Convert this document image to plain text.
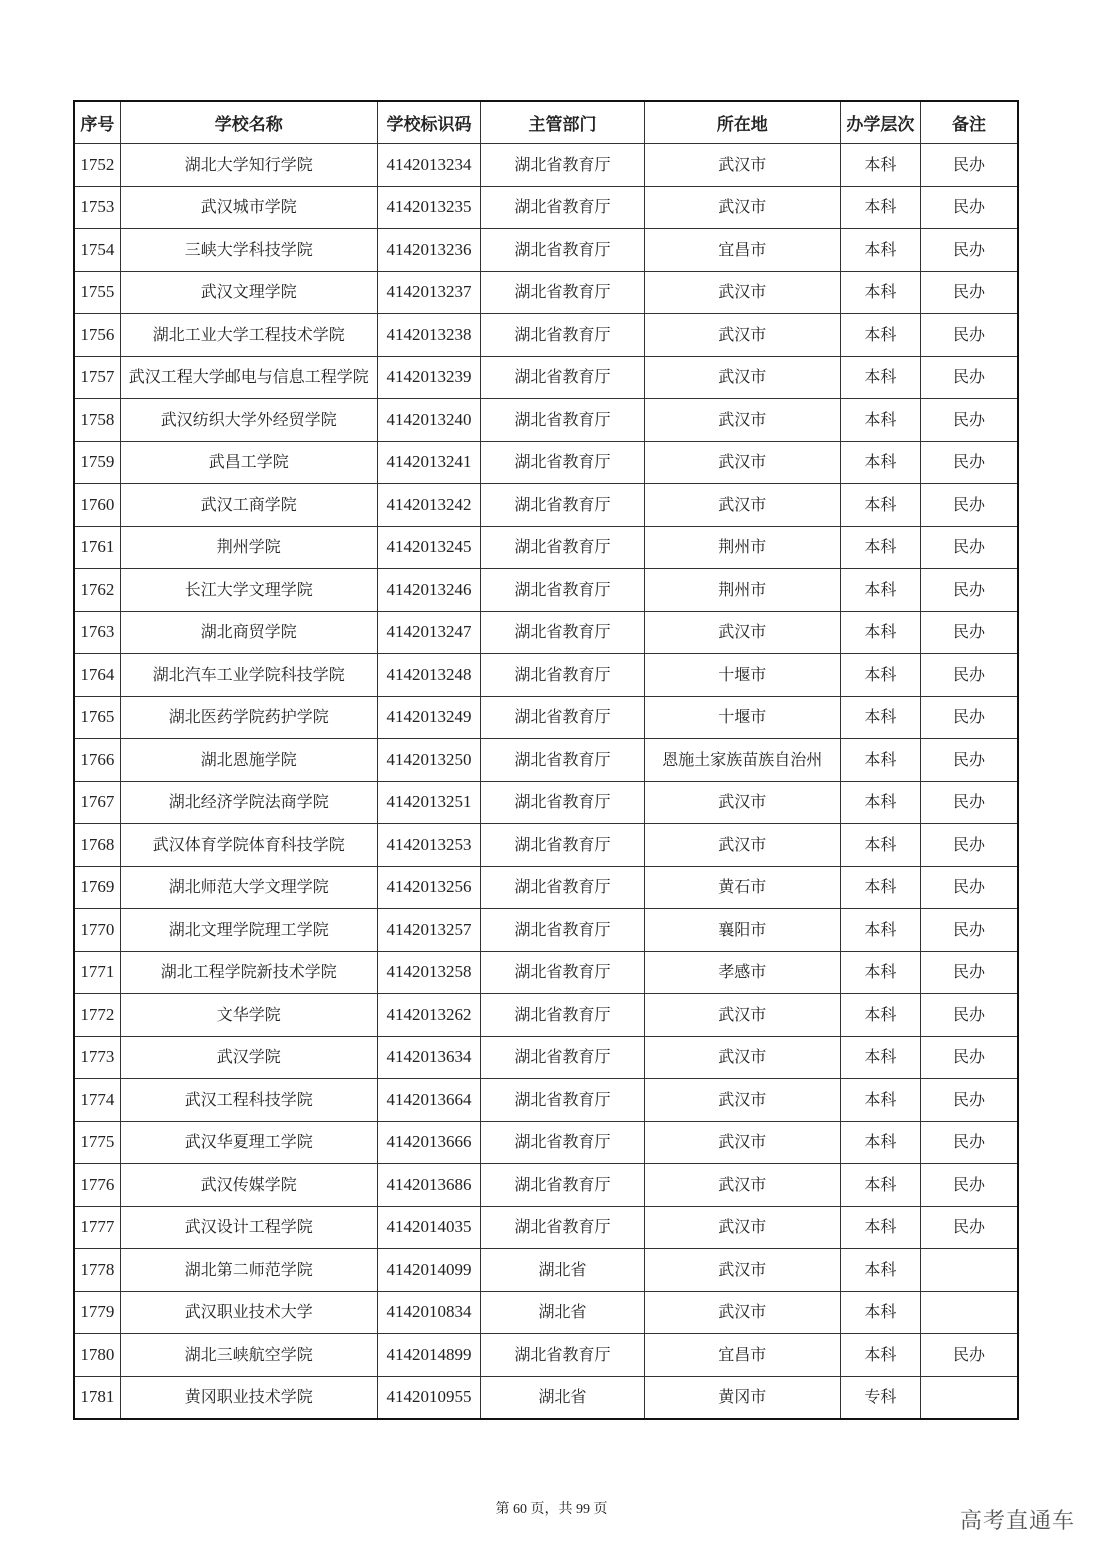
序号	学校名称	学校标识码	主管部门	所在地	办学层次	备注
1752	湖北大学知行学院	4142013234	湖北省教育厅	武汉市	本科	民办
1753	武汉城市学院	4142013235	湖北省教育厅	武汉市	本科	民办
1754	三峡大学科技学院	4142013236	湖北省教育厅	宜昌市	本科	民办
1755	武汉文理学院	4142013237	湖北省教育厅	武汉市	本科	民办
1756	湖北工业大学工程技术学院	4142013238	湖北省教育厅	武汉市	本科	民办
1757	武汉工程大学邮电与信息工程学院	4142013239	湖北省教育厅	武汉市	本科	民办
1758	武汉纺织大学外经贸学院	4142013240	湖北省教育厅	武汉市	本科	民办
1759	武昌工学院	4142013241	湖北省教育厅	武汉市	本科	民办
1760	武汉工商学院	4142013242	湖北省教育厅	武汉市	本科	民办
1761	荆州学院	4142013245	湖北省教育厅	荆州市	本科	民办
1762	长江大学文理学院	4142013246	湖北省教育厅	荆州市	本科	民办
1763	湖北商贸学院	4142013247	湖北省教育厅	武汉市	本科	民办
1764	湖北汽车工业学院科技学院	4142013248	湖北省教育厅	十堰市	本科	民办
1765	湖北医药学院药护学院	4142013249	湖北省教育厅	十堰市	本科	民办
1766	湖北恩施学院	4142013250	湖北省教育厅	恩施土家族苗族自治州	本科	民办
1767	湖北经济学院法商学院	4142013251	湖北省教育厅	武汉市	本科	民办
1768	武汉体育学院体育科技学院	4142013253	湖北省教育厅	武汉市	本科	民办
1769	湖北师范大学文理学院	4142013256	湖北省教育厅	黄石市	本科	民办
1770	湖北文理学院理工学院	4142013257	湖北省教育厅	襄阳市	本科	民办
1771	湖北工程学院新技术学院	4142013258	湖北省教育厅	孝感市	本科	民办
1772	文华学院	4142013262	湖北省教育厅	武汉市	本科	民办
1773	武汉学院	4142013634	湖北省教育厅	武汉市	本科	民办
1774	武汉工程科技学院	4142013664	湖北省教育厅	武汉市	本科	民办
1775	武汉华夏理工学院	4142013666	湖北省教育厅	武汉市	本科	民办
1776	武汉传媒学院	4142013686	湖北省教育厅	武汉市	本科	民办
1777	武汉设计工程学院	4142014035	湖北省教育厅	武汉市	本科	民办
1778	湖北第二师范学院	4142014099	湖北省	武汉市	本科	
1779	武汉职业技术大学	4142010834	湖北省	武汉市	本科	
1780	湖北三峡航空学院	4142014899	湖北省教育厅	宜昌市	本科	民办
1781	黄冈职业技术学院	4142010955	湖北省	黄冈市	专科	
第 60 页，共 99 页	高考直通车
